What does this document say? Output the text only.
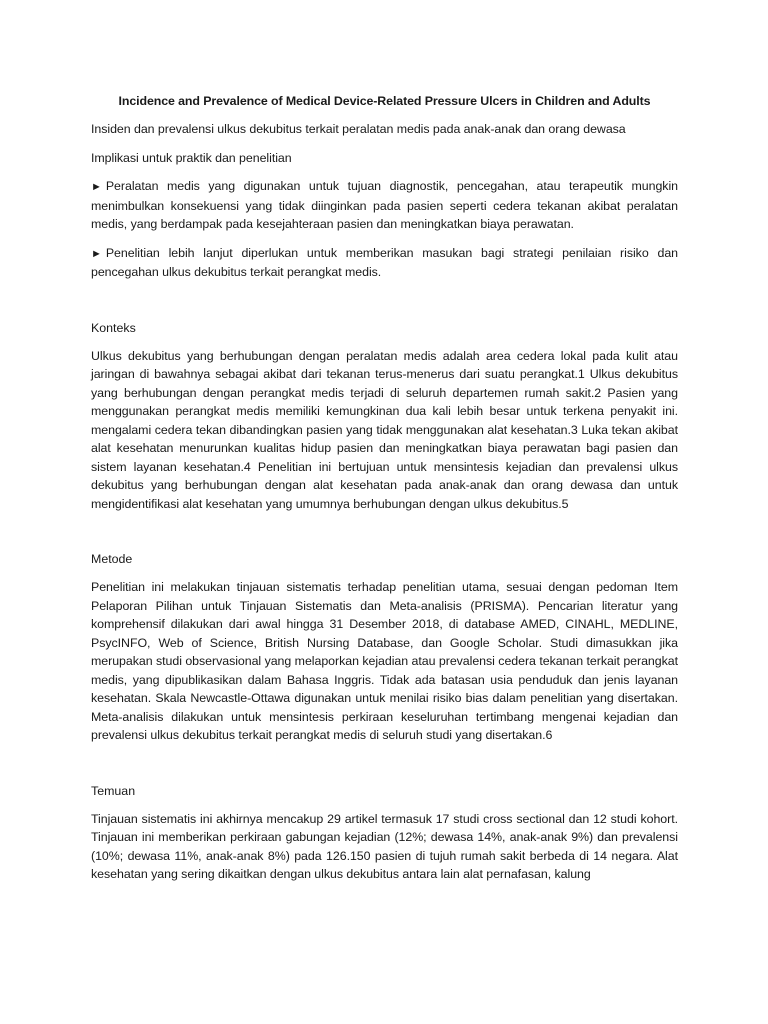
Incidence and Prevalence of Medical Device-Related Pressure Ulcers in Children and Adults
Insiden dan prevalensi ulkus dekubitus terkait peralatan medis pada anak-anak dan orang dewasa
Implikasi untuk praktik dan penelitian
► Peralatan medis yang digunakan untuk tujuan diagnostik, pencegahan, atau terapeutik mungkin menimbulkan konsekuensi yang tidak diinginkan pada pasien seperti cedera tekanan akibat peralatan medis, yang berdampak pada kesejahteraan pasien dan meningkatkan biaya perawatan.
► Penelitian lebih lanjut diperlukan untuk memberikan masukan bagi strategi penilaian risiko dan pencegahan ulkus dekubitus terkait perangkat medis.
Konteks
Ulkus dekubitus yang berhubungan dengan peralatan medis adalah area cedera lokal pada kulit atau jaringan di bawahnya sebagai akibat dari tekanan terus-menerus dari suatu perangkat.1 Ulkus dekubitus yang berhubungan dengan perangkat medis terjadi di seluruh departemen rumah sakit.2 Pasien yang menggunakan perangkat medis memiliki kemungkinan dua kali lebih besar untuk terkena penyakit ini. mengalami cedera tekan dibandingkan pasien yang tidak menggunakan alat kesehatan.3 Luka tekan akibat alat kesehatan menurunkan kualitas hidup pasien dan meningkatkan biaya perawatan bagi pasien dan sistem layanan kesehatan.4 Penelitian ini bertujuan untuk mensintesis kejadian dan prevalensi ulkus dekubitus yang berhubungan dengan alat kesehatan pada anak-anak dan orang dewasa dan untuk mengidentifikasi alat kesehatan yang umumnya berhubungan dengan ulkus dekubitus.5
Metode
Penelitian ini melakukan tinjauan sistematis terhadap penelitian utama, sesuai dengan pedoman Item Pelaporan Pilihan untuk Tinjauan Sistematis dan Meta-analisis (PRISMA). Pencarian literatur yang komprehensif dilakukan dari awal hingga 31 Desember 2018, di database AMED, CINAHL, MEDLINE, PsycINFO, Web of Science, British Nursing Database, dan Google Scholar. Studi dimasukkan jika merupakan studi observasional yang melaporkan kejadian atau prevalensi cedera tekanan terkait perangkat medis, yang dipublikasikan dalam Bahasa Inggris. Tidak ada batasan usia penduduk dan jenis layanan kesehatan. Skala Newcastle-Ottawa digunakan untuk menilai risiko bias dalam penelitian yang disertakan. Meta-analisis dilakukan untuk mensintesis perkiraan keseluruhan tertimbang mengenai kejadian dan prevalensi ulkus dekubitus terkait perangkat medis di seluruh studi yang disertakan.6
Temuan
Tinjauan sistematis ini akhirnya mencakup 29 artikel termasuk 17 studi cross sectional dan 12 studi kohort. Tinjauan ini memberikan perkiraan gabungan kejadian (12%; dewasa 14%, anak-anak 9%) dan prevalensi (10%; dewasa 11%, anak-anak 8%) pada 126.150 pasien di tujuh rumah sakit berbeda di 14 negara. Alat kesehatan yang sering dikaitkan dengan ulkus dekubitus antara lain alat pernafasan, kalung
